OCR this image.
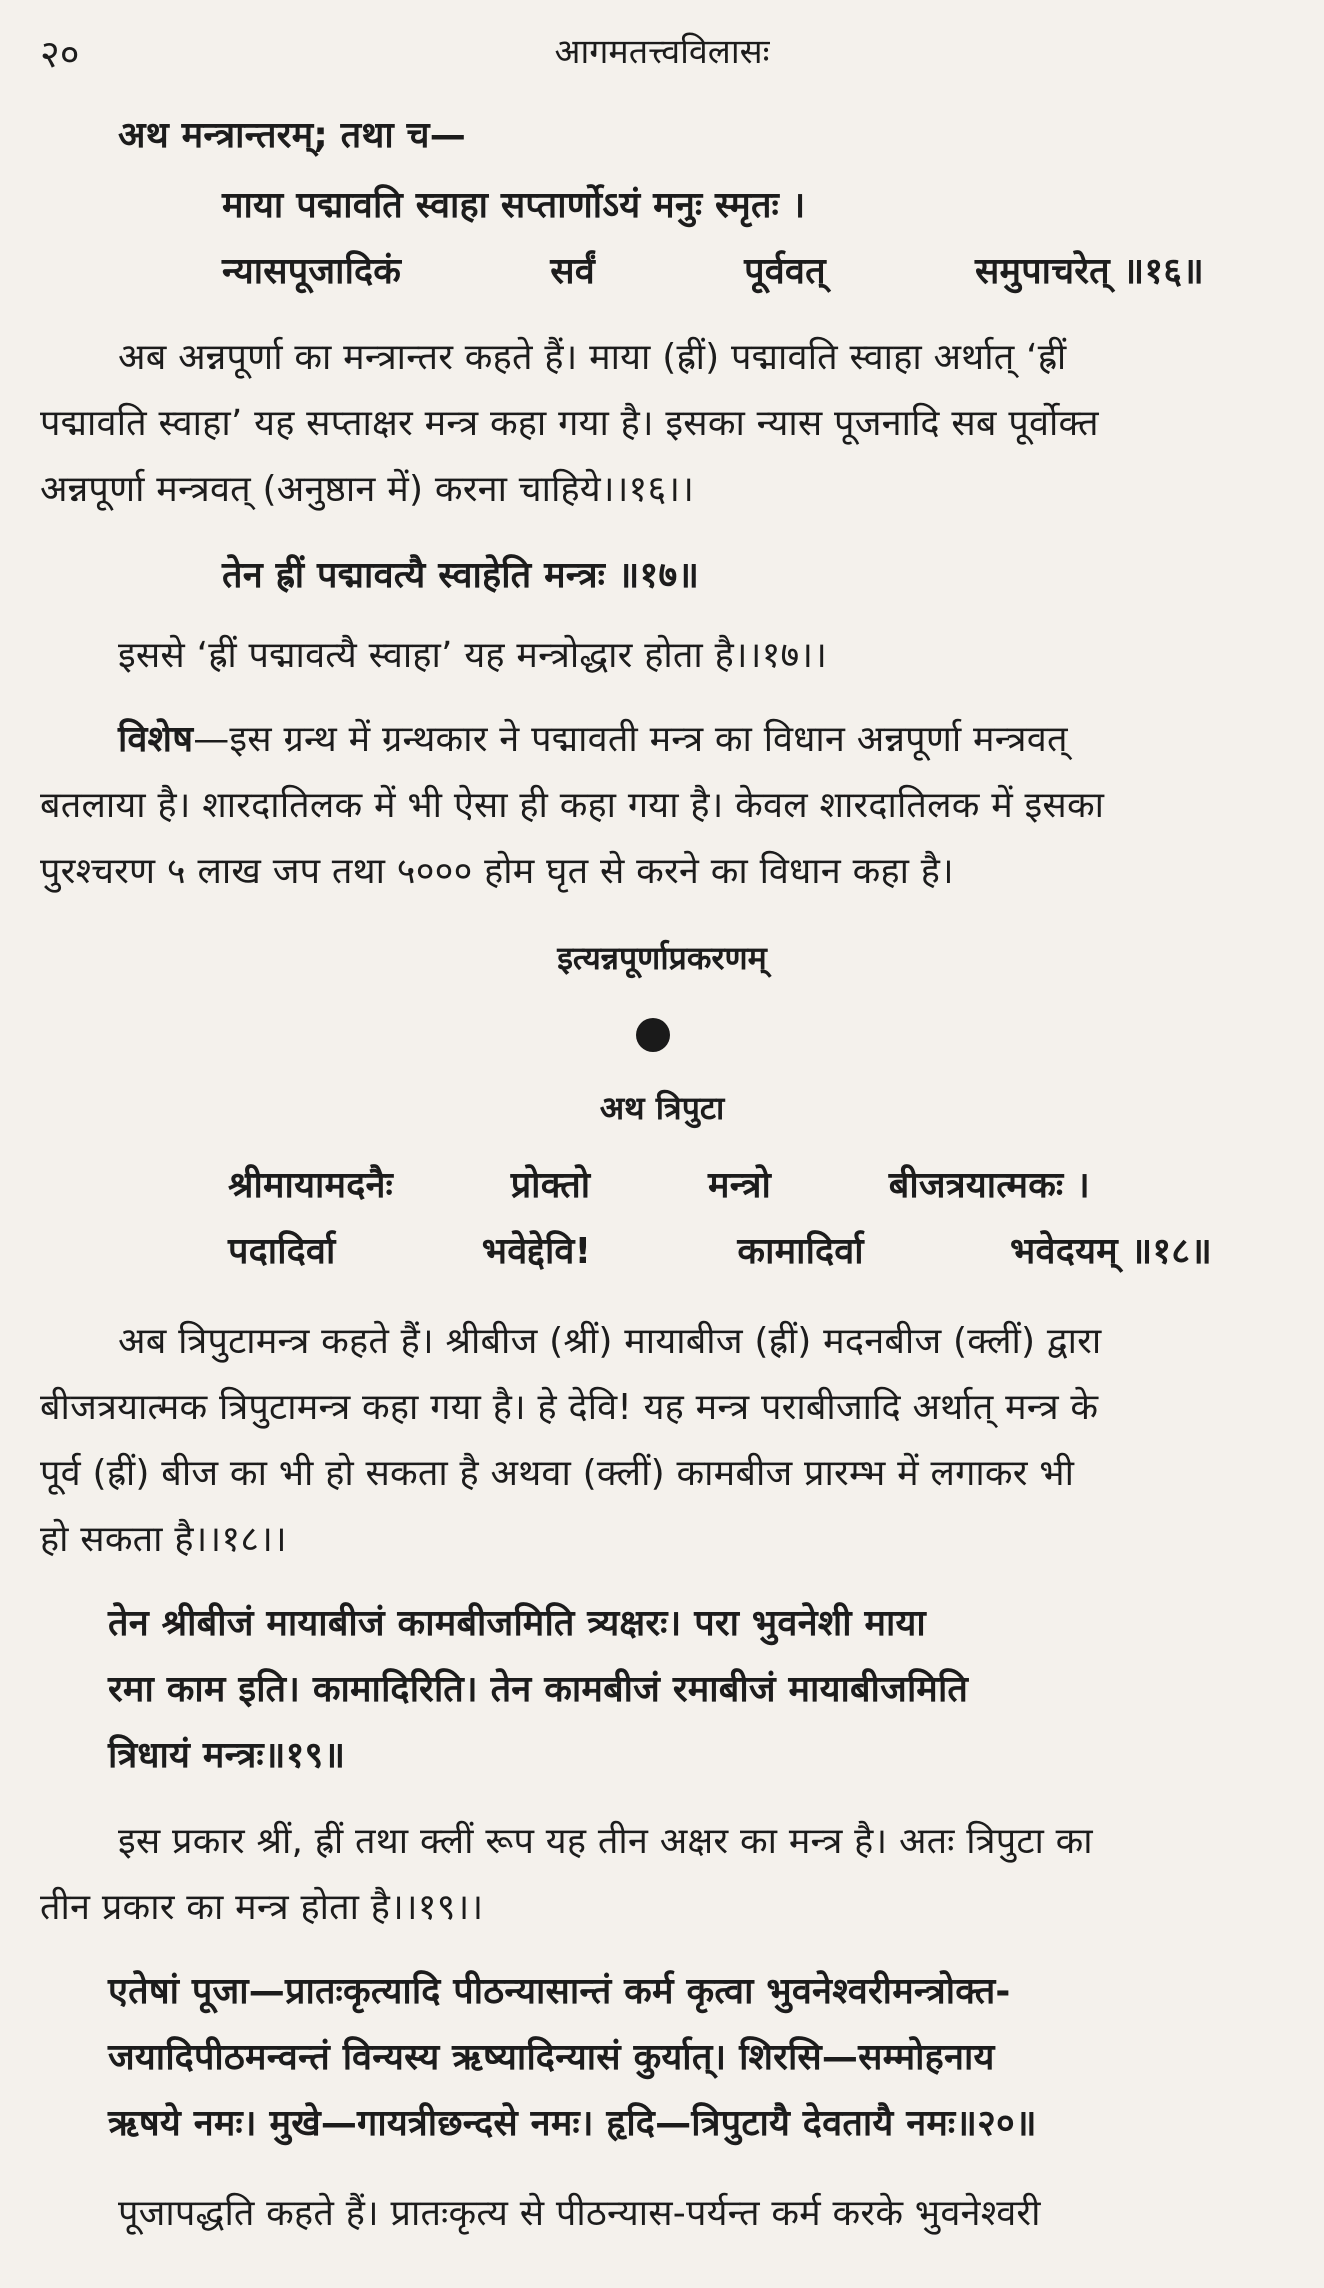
२०	आगमतत्त्वविलासः
अथ मन्त्रान्तरम्; तथा च—
माया पद्मावति स्वाहा सप्तार्णोऽयं मनुः स्मृतः ।
न्यासपूजादिकं	सर्वं	पूर्ववत्	समुपाचरेत् ॥१६॥
अब अन्नपूर्णा का मन्त्रान्तर कहते हैं। माया (ह्रीं) पद्मावति स्वाहा अर्थात् ‘ह्रीं
पद्मावति स्वाहा’ यह सप्ताक्षर मन्त्र कहा गया है। इसका न्यास पूजनादि सब पूर्वोक्त
अन्नपूर्णा मन्त्रवत् (अनुष्ठान में) करना चाहिये।।१६।।
तेन ह्रीं पद्मावत्यै स्वाहेति मन्त्रः ॥१७॥
इससे ‘ह्रीं पद्मावत्यै स्वाहा’ यह मन्त्रोद्धार होता है।।१७।।
विशेष—इस ग्रन्थ में ग्रन्थकार ने पद्मावती मन्त्र का विधान अन्नपूर्णा मन्त्रवत्
बतलाया है। शारदातिलक में भी ऐसा ही कहा गया है। केवल शारदातिलक में इसका
पुरश्चरण ५ लाख जप तथा ५००० होम घृत से करने का विधान कहा है।
इत्यन्नपूर्णाप्रकरणम्
अथ त्रिपुटा
श्रीमायामदनैः	प्रोक्तो	मन्त्रो	बीजत्रयात्मकः ।
पदादिर्वा	भवेद्देवि!	कामादिर्वा	भवेदयम् ॥१८॥
अब त्रिपुटामन्त्र कहते हैं। श्रीबीज (श्रीं) मायाबीज (ह्रीं) मदनबीज (क्लीं) द्वारा
बीजत्रयात्मक त्रिपुटामन्त्र कहा गया है। हे देवि! यह मन्त्र पराबीजादि अर्थात् मन्त्र के
पूर्व (ह्रीं) बीज का भी हो सकता है अथवा (क्लीं) कामबीज प्रारम्भ में लगाकर भी
हो सकता है।।१८।।
तेन श्रीबीजं मायाबीजं कामबीजमिति त्र्यक्षरः। परा भुवनेशी माया
रमा काम इति। कामादिरिति। तेन कामबीजं रमाबीजं मायाबीजमिति
त्रिधायं मन्त्रः॥१९॥
इस प्रकार श्रीं, ह्रीं तथा क्लीं रूप यह तीन अक्षर का मन्त्र है। अतः त्रिपुटा का
तीन प्रकार का मन्त्र होता है।।१९।।
एतेषां पूजा—प्रातःकृत्यादि पीठन्यासान्तं कर्म कृत्वा भुवनेश्वरीमन्त्रोक्त-
जयादिपीठमन्वन्तं विन्यस्य ऋष्यादिन्यासं कुर्यात्। शिरसि—सम्मोहनाय
ऋषये नमः। मुखे—गायत्रीछन्दसे नमः। हृदि—त्रिपुटायै देवतायै नमः॥२०॥
पूजापद्धति कहते हैं। प्रातःकृत्य से पीठन्यास-पर्यन्त कर्म करके भुवनेश्वरी
